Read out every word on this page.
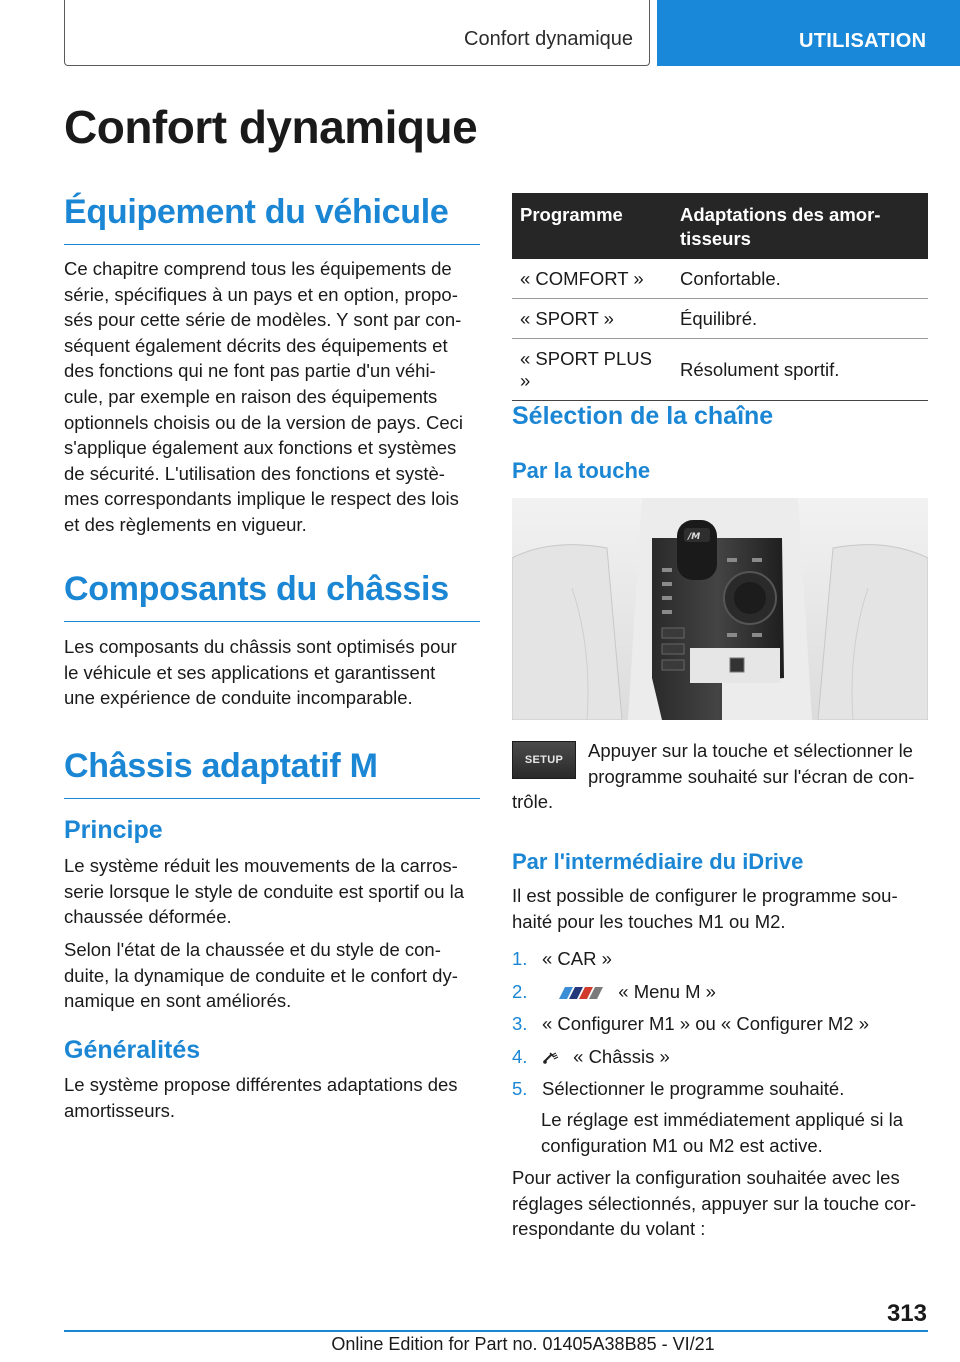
Confort dynamique	UTILISATION
Confort dynamique
Équipement du véhicule
Ce chapitre comprend tous les équipements de
série, spécifiques à un pays et en option, propo-
sés pour cette série de modèles. Y sont par con-
séquent également décrits des équipements et
des fonctions qui ne font pas partie d'un véhi-
cule, par exemple en raison des équipements
optionnels choisis ou de la version de pays. Ceci
s'applique également aux fonctions et systèmes
de sécurité. L'utilisation des fonctions et systè-
mes correspondants implique le respect des lois
et des règlements en vigueur.
Composants du châssis
Les composants du châssis sont optimisés pour
le véhicule et ses applications et garantissent
une expérience de conduite incomparable.
Châssis adaptatif M
Principe
Le système réduit les mouvements de la carros-
serie lorsque le style de conduite est sportif ou la
chaussée déformée.
Selon l'état de la chaussée et du style de con-
duite, la dynamique de conduite et le confort dy-
namique en sont améliorés.
Généralités
Le système propose différentes adaptations des
amortisseurs.
Programme	Adaptations des amor-
tisseurs
« COMFORT »	Confortable.
« SPORT »	Équilibré.
« SPORT PLUS »	Résolument sportif.
Sélection de la chaîne
Par la touche
/M
SETUP	Appuyer sur la touche et sélectionner le
programme souhaité sur l'écran de con-
trôle.
Par l'intermédiaire du iDrive
Il est possible de configurer le programme sou-
haité pour les touches M1 ou M2.
1. « CAR »
2.	« Menu M »
3. « Configurer M1 » ou « Configurer M2 »
4. « Châssis »
5. Sélectionner le programme souhaité.
Le réglage est immédiatement appliqué si la
configuration M1 ou M2 est active.
Pour activer la configuration souhaitée avec les
réglages sélectionnés, appuyer sur la touche cor-
respondante du volant :
313
Online Edition for Part no. 01405A38B85 - VI/21
